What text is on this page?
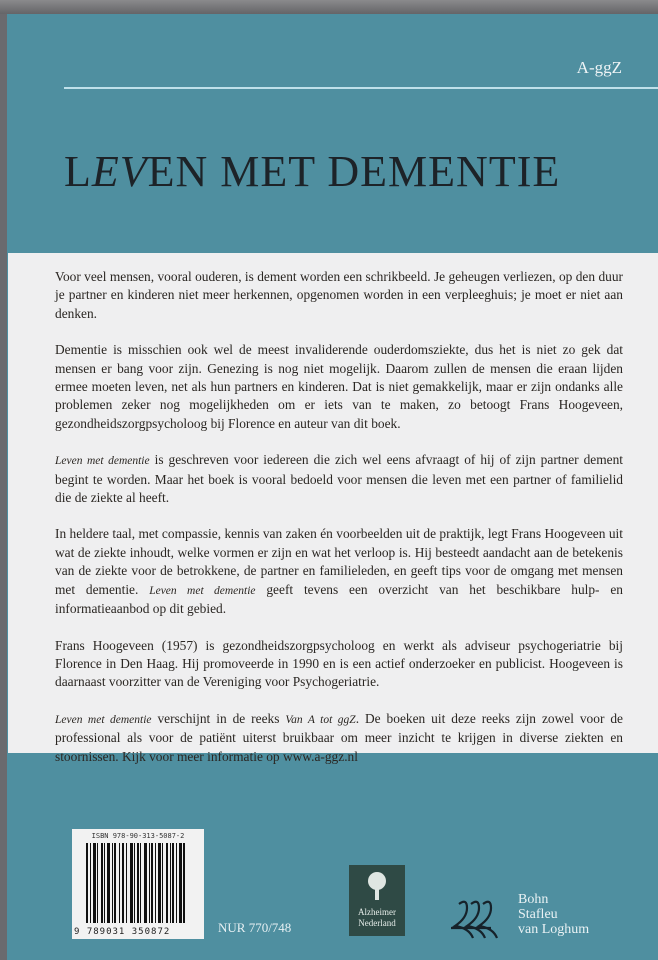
A-ggZ
LEVEN MET DEMENTIE
ISBN 978-90-313-5087-2
9 789031 350872	NUR 770/748
Alzheimer
Nederland
Bohn
Stafleu
van Loghum

Voor veel mensen, vooral ouderen, is dement worden een schrikbeeld. Je geheugen verliezen, op den duur je partner en kinderen niet meer herkennen, opgenomen worden in een verpleeghuis; je moet er niet aan denken.

Dementie is misschien ook wel de meest invaliderende ouderdomsziekte, dus het is niet zo gek dat mensen er bang voor zijn. Genezing is nog niet mogelijk. Daarom zullen de mensen die eraan lijden ermee moeten leven, net als hun partners en kinderen. Dat is niet gemakkelijk, maar er zijn ondanks alle problemen zeker nog mogelijkheden om er iets van te maken, zo betoogt Frans Hoogeveen, gezondheidszorgpsycholoog bij Florence en auteur van dit boek.

Leven met dementie is geschreven voor iedereen die zich wel eens afvraagt of hij of zijn partner dement begint te worden. Maar het boek is vooral bedoeld voor mensen die leven met een partner of familielid die de ziekte al heeft.

In heldere taal, met compassie, kennis van zaken én voorbeelden uit de praktijk, legt Frans Hoogeveen uit wat de ziekte inhoudt, welke vormen er zijn en wat het verloop is. Hij besteedt aandacht aan de betekenis van de ziekte voor de betrokkene, de partner en familieleden, en geeft tips voor de omgang met mensen met dementie. Leven met dementie geeft tevens een overzicht van het beschikbare hulp- en informatieaanbod op dit gebied.

Frans Hoogeveen (1957) is gezondheidszorgpsycholoog en werkt als adviseur psychogeriatrie bij Florence in Den Haag. Hij promoveerde in 1990 en is een actief onderzoeker en publicist. Hoogeveen is daarnaast voorzitter van de Vereniging voor Psychogeriatrie.

Leven met dementie verschijnt in de reeks Van A tot ggZ. De boeken uit deze reeks zijn zowel voor de professional als voor de patiënt uiterst bruikbaar om meer inzicht te krijgen in diverse ziekten en stoornissen. Kijk voor meer informatie op www.a-ggz.nl
